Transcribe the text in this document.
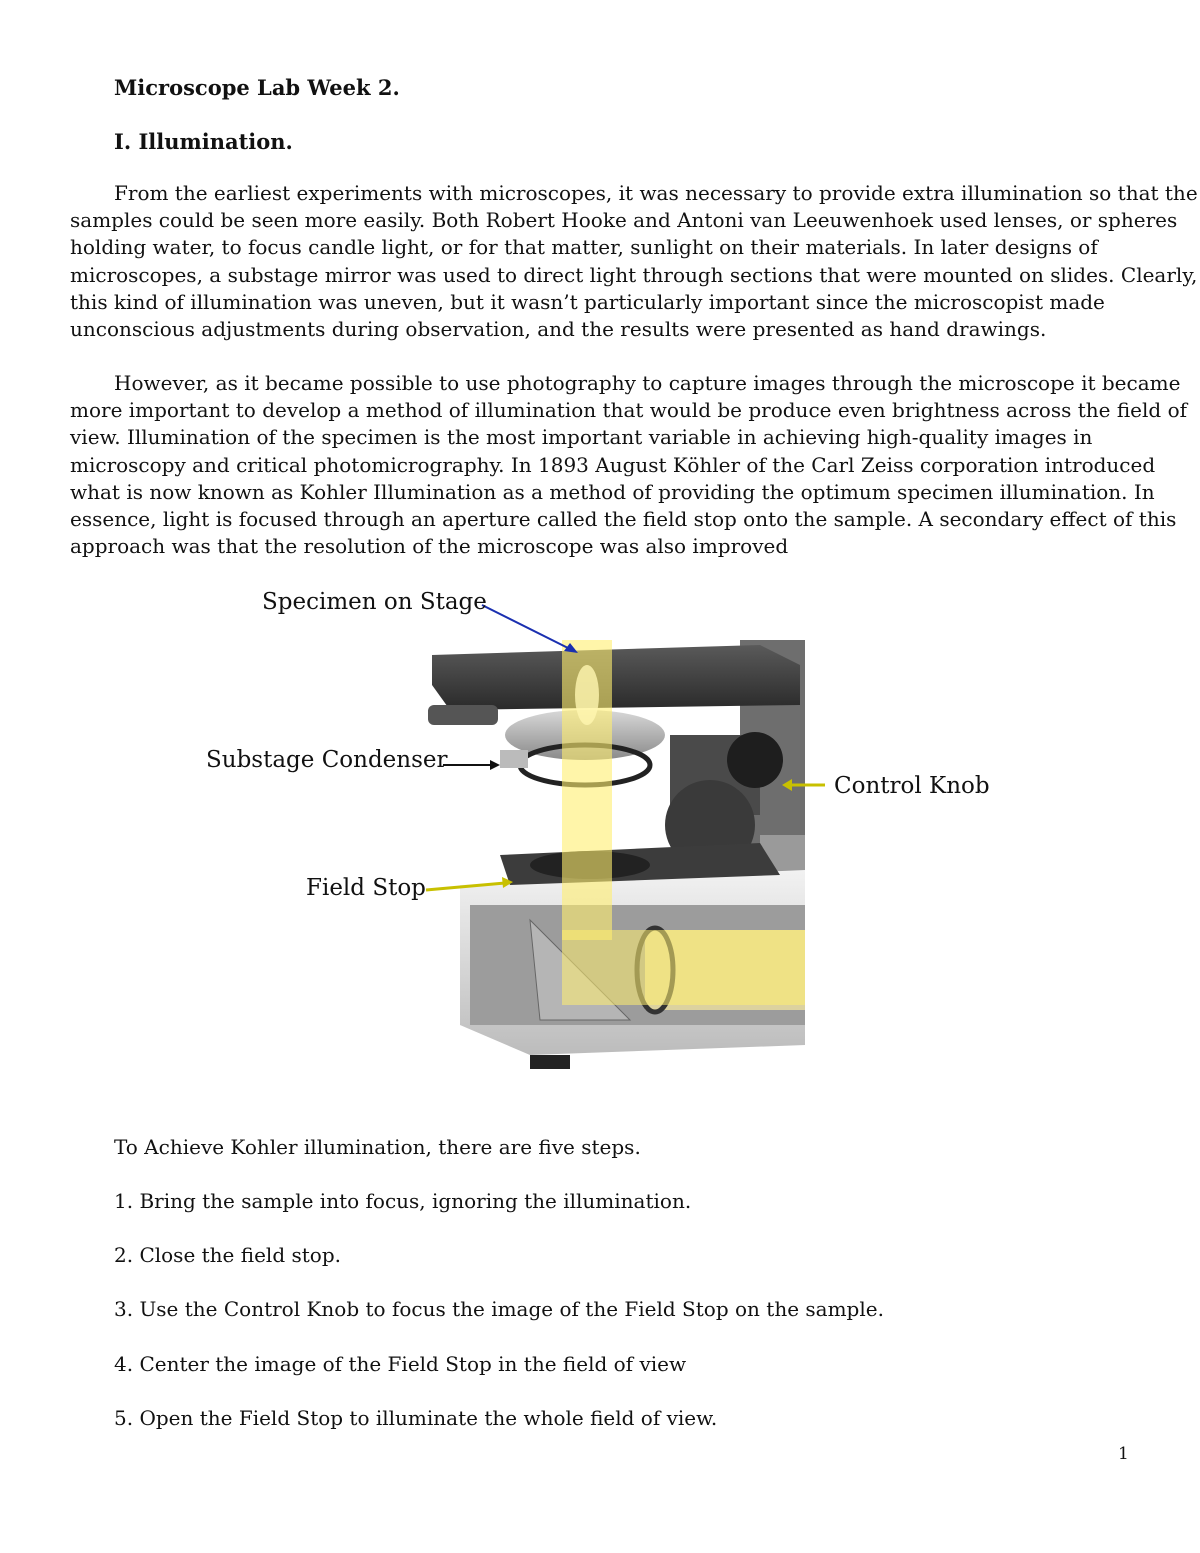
Microscope Lab Week 2.
I. Illumination.
From the earliest experiments with microscopes, it was necessary to provide extra illumination so that the
samples could be seen more easily. Both Robert Hooke and Antoni van Leeuwenhoek used lenses, or spheres
holding water, to focus candle light, or for that matter, sunlight on their materials. In later designs of
microscopes, a substage mirror was used to direct light through sections that were mounted on slides. Clearly,
this kind of illumination was uneven, but it wasn’t particularly important since the microscopist made
unconscious adjustments during observation, and the results were presented as hand drawings.
However, as it became possible to use photography to capture images through the microscope it became
more important to develop a method of illumination that would be produce even brightness across the field of
view. Illumination of the specimen is the most important variable in achieving high-quality images in
microscopy and critical photomicrography. In 1893 August Köhler of the Carl Zeiss corporation introduced
what is now known as Kohler Illumination as a method of providing the optimum specimen illumination. In
essence, light is focused through an aperture called the field stop onto the sample. A secondary effect of this
approach was that the resolution of the microscope was also improved
Specimen on Stage
Substage Condenser
Control Knob
Field Stop
To Achieve Kohler illumination, there are five steps.
1. Bring the sample into focus, ignoring the illumination.
2. Close the field stop.
3. Use the Control Knob to focus the image of the Field Stop on the sample.
4. Center the image of the Field Stop in the field of view
5. Open the Field Stop to illuminate the whole field of view.
1
